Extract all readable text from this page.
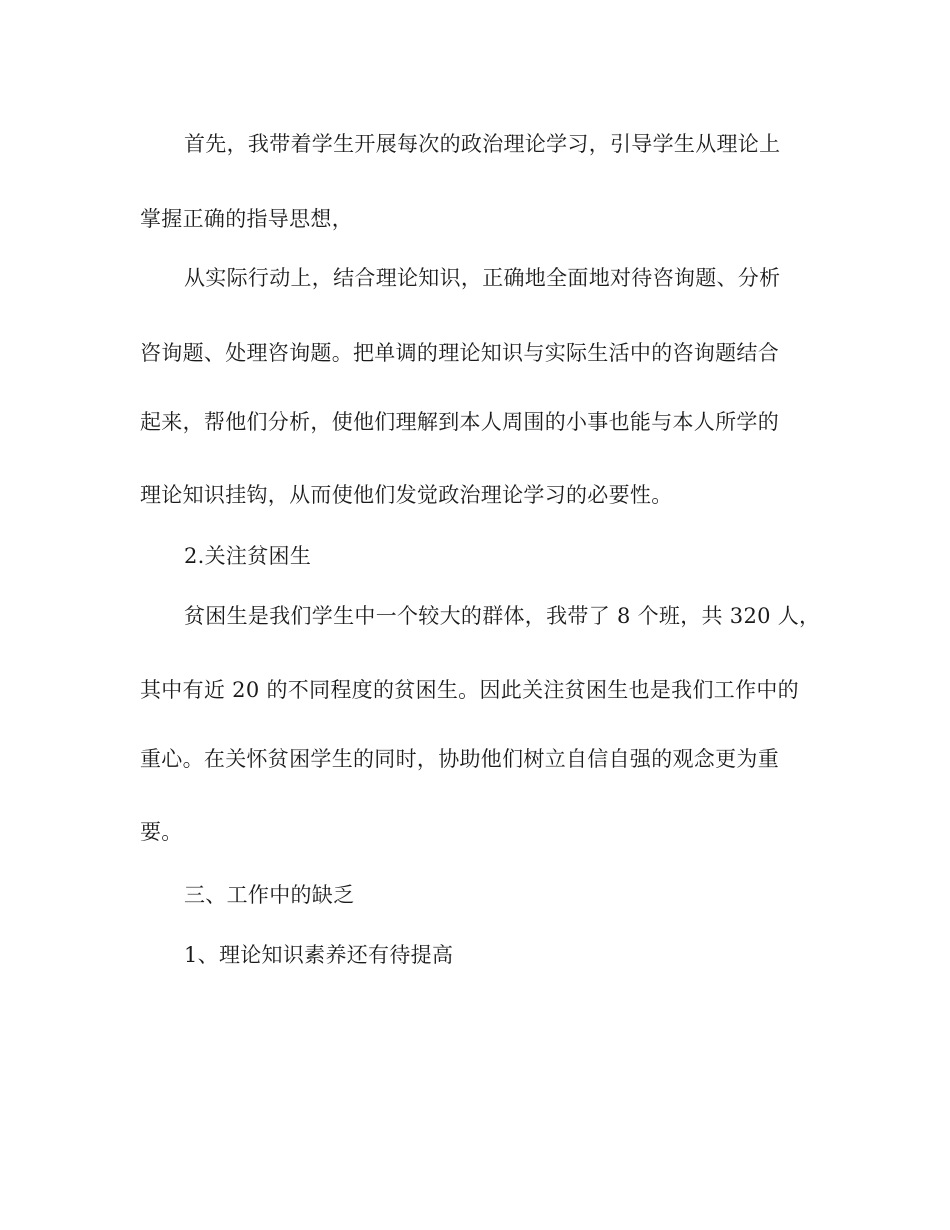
首先，我带着学生开展每次的政治理论学习，引导学生从理论上
掌握正确的指导思想，
从实际行动上，结合理论知识，正确地全面地对待咨询题、分析
咨询题、处理咨询题。把单调的理论知识与实际生活中的咨询题结合
起来，帮他们分析，使他们理解到本人周围的小事也能与本人所学的
理论知识挂钩，从而使他们发觉政治理论学习的必要性。
2.关注贫困生
贫困生是我们学生中一个较大的群体，我带了 8 个班，共 320 人，
其中有近 20 的不同程度的贫困生。因此关注贫困生也是我们工作中的
重心。在关怀贫困学生的同时，协助他们树立自信自强的观念更为重
要。
三、工作中的缺乏
1、理论知识素养还有待提高
